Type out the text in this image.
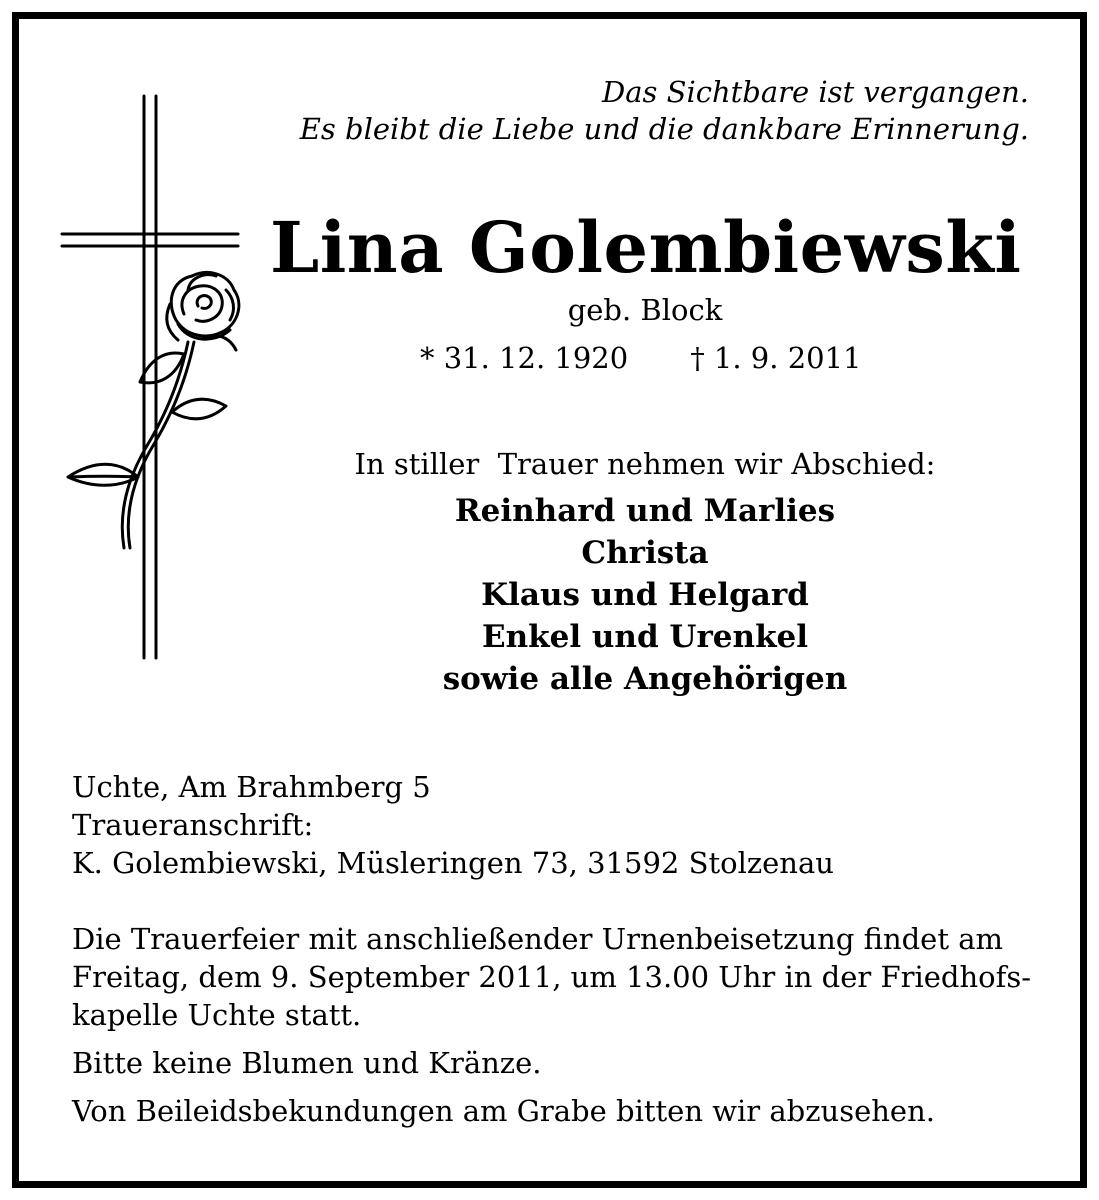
Das Sichtbare ist vergangen.
Es bleibt die Liebe und die dankbare Erinnerung.
Lina Golembiewski
geb. Block
* 31. 12. 1920 † 1. 9. 2011
In stiller  Trauer nehmen wir Abschied:
Reinhard und Marlies
Christa
Klaus und Helgard
Enkel und Urenkel
sowie alle Angehörigen
Uchte, Am Brahmberg 5
Traueranschrift:
K. Golembiewski, Müsleringen 73, 31592 Stolzenau
Die Trauerfeier mit anschließender Urnenbeisetzung findet am
Freitag, dem 9. September 2011, um 13.00 Uhr in der Friedhofs-
kapelle Uchte statt.
Bitte keine Blumen und Kränze.
Von Beileidsbekundungen am Grabe bitten wir abzusehen.
